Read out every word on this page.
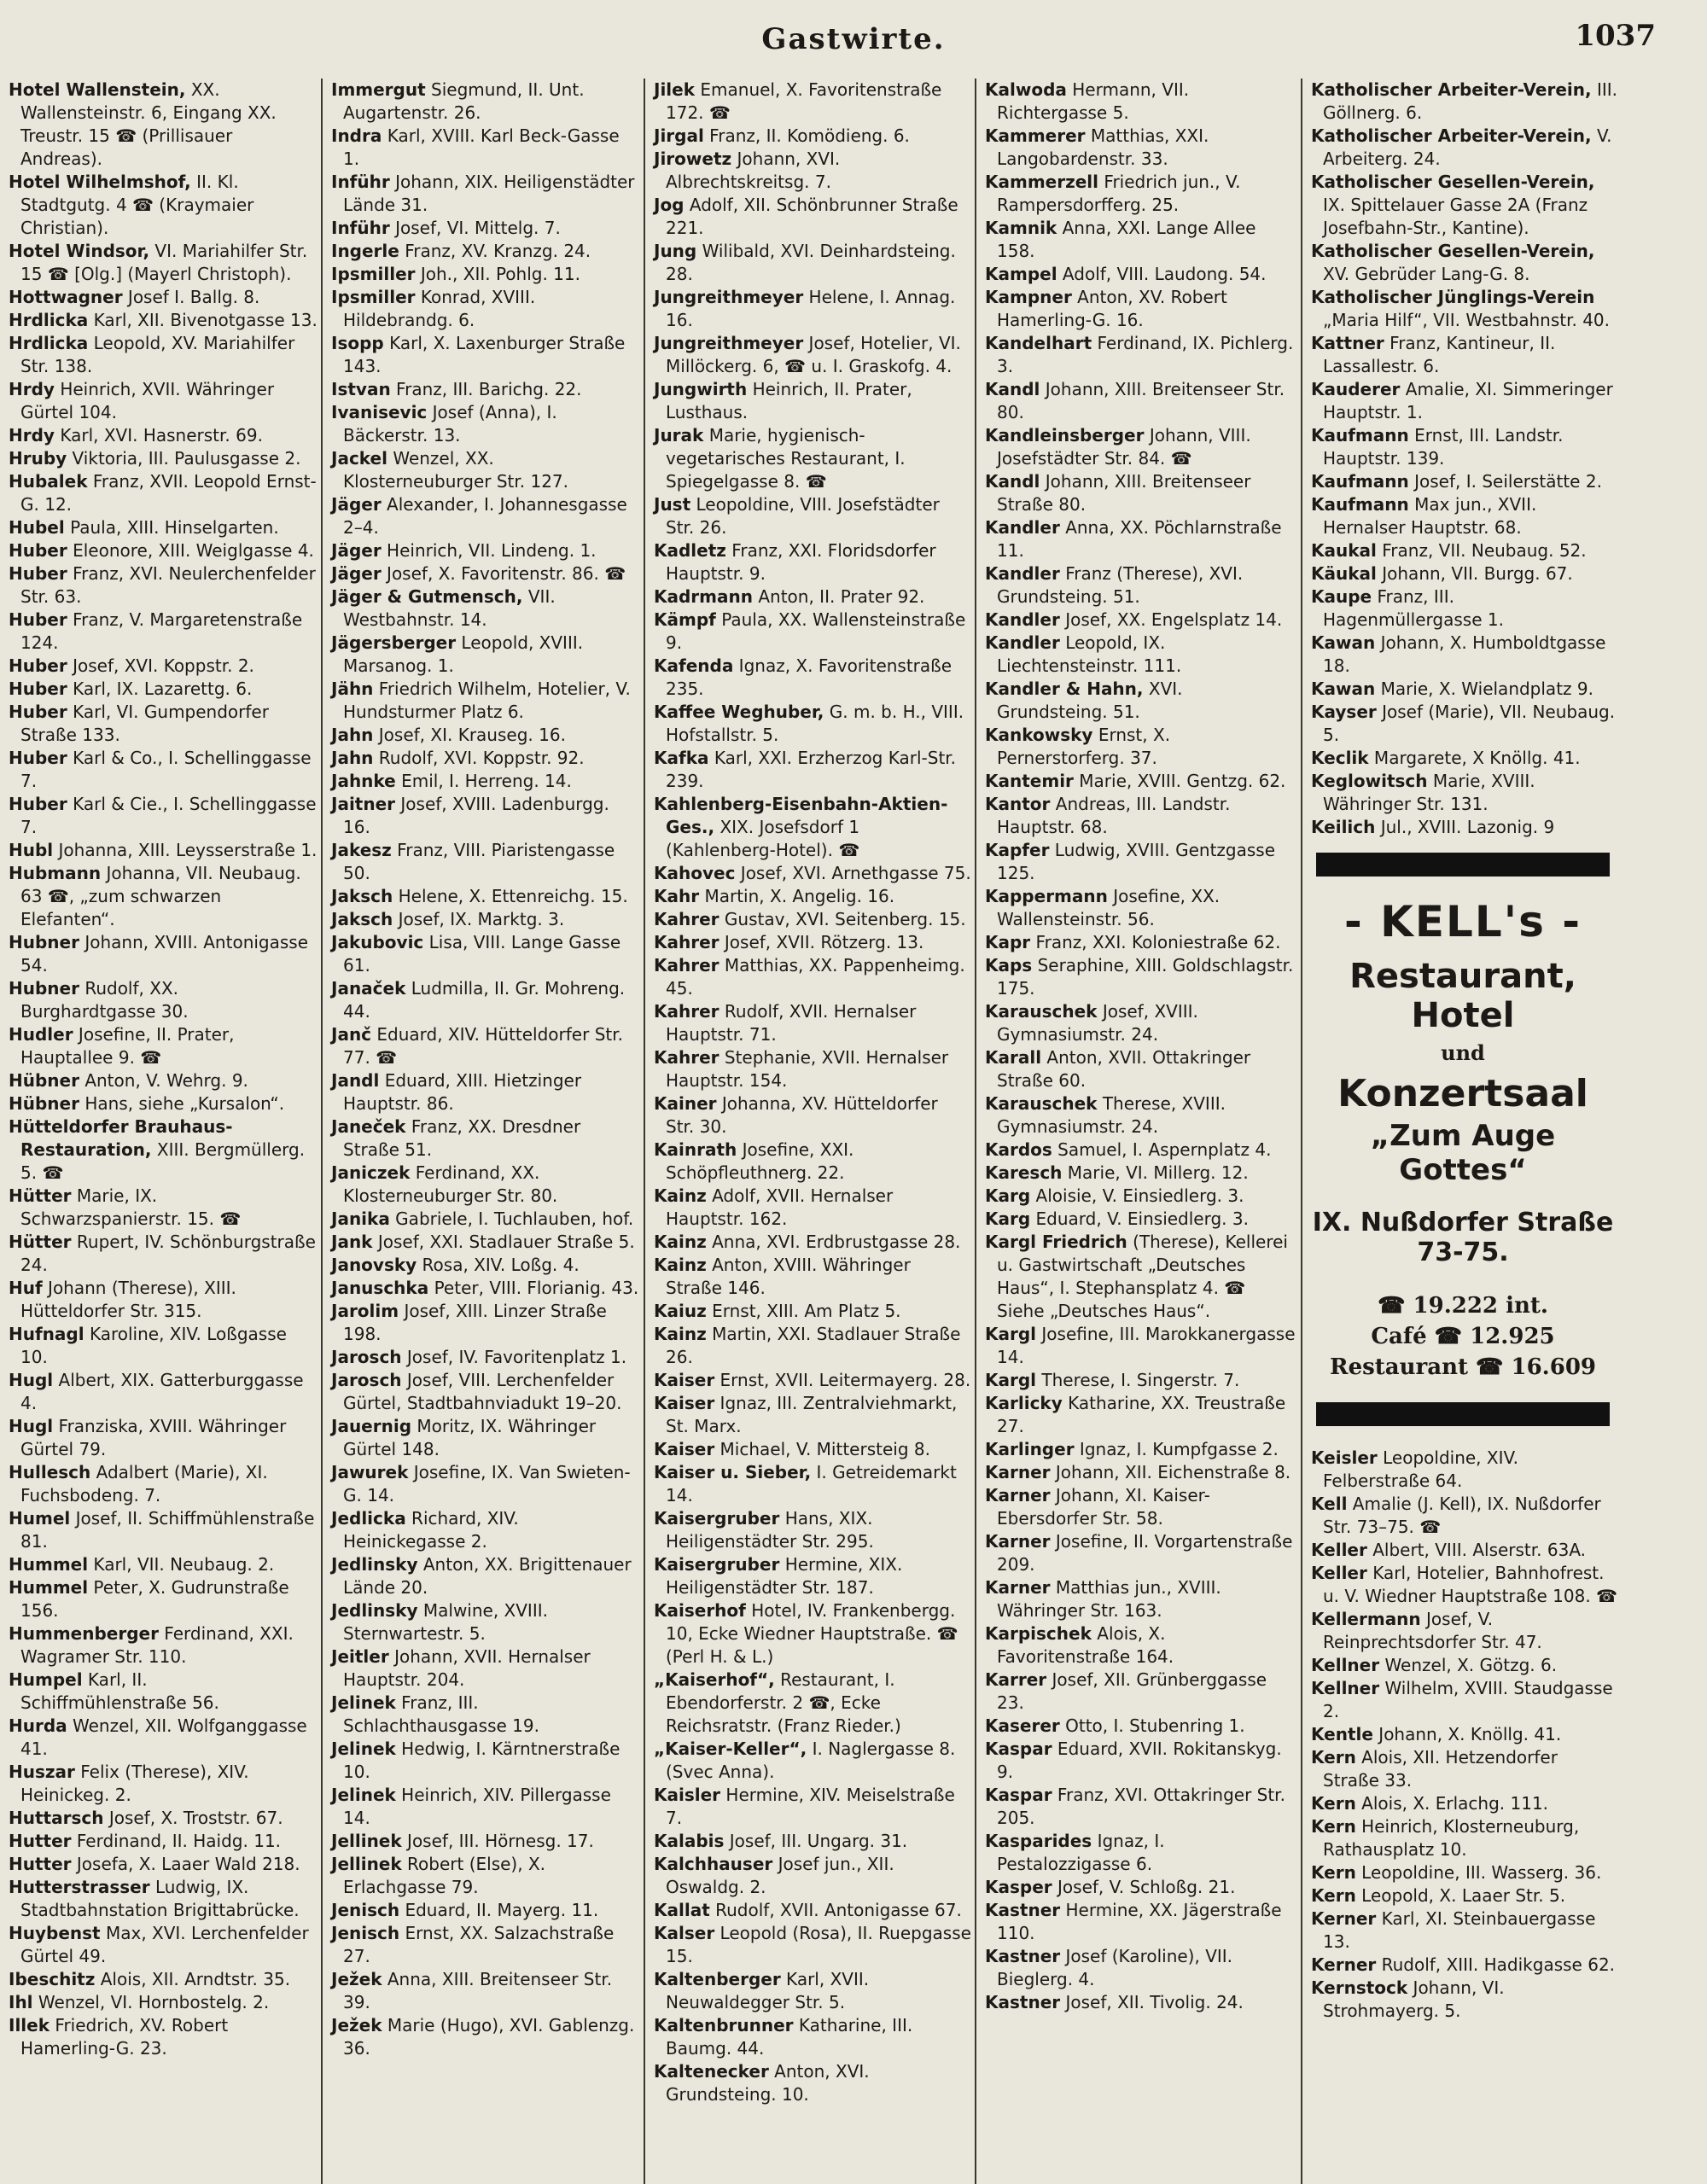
Gastwirte.	1037

Hotel Wallenstein, XX. Wallensteinstr. 6, Eingang XX. Treustr. 15 ☎ (Prillisauer Andreas).

Hotel Wilhelmshof, II. Kl. Stadtgutg. 4 ☎ (Kraymaier Christian).

Hotel Windsor, VI. Mariahilfer Str. 15 ☎ [Olg.] (Mayerl Christoph).

Hottwagner Josef I. Ballg. 8.

Hrdlicka Karl, XII. Bivenotgasse 13.

Hrdlicka Leopold, XV. Mariahilfer Str. 138.

Hrdy Heinrich, XVII. Währinger Gürtel 104.

Hrdy Karl, XVI. Hasnerstr. 69.

Hruby Viktoria, III. Paulusgasse 2.

Hubalek Franz, XVII. Leopold Ernst-G. 12.

Hubel Paula, XIII. Hinselgarten.

Huber Eleonore, XIII. Weiglgasse 4.

Huber Franz, XVI. Neulerchenfelder Str. 63.

Huber Franz, V. Margaretenstraße 124.

Huber Josef, XVI. Koppstr. 2.

Huber Karl, IX. Lazarettg. 6.

Huber Karl, VI. Gumpendorfer Straße 133.

Huber Karl & Co., I. Schellinggasse 7.

Huber Karl & Cie., I. Schellinggasse 7.

Hubl Johanna, XIII. Leysserstraße 1.

Hubmann Johanna, VII. Neubaug. 63 ☎, „zum schwarzen Elefanten“.

Hubner Johann, XVIII. Antonigasse 54.

Hubner Rudolf, XX. Burghardtgasse 30.

Hudler Josefine, II. Prater, Hauptallee 9. ☎

Hübner Anton, V. Wehrg. 9.

Hübner Hans, siehe „Kursalon“.

Hütteldorfer Brauhaus-Restauration, XIII. Bergmüllerg. 5. ☎

Hütter Marie, IX. Schwarzspanierstr. 15. ☎

Hütter Rupert, IV. Schönburgstraße 24.

Huf Johann (Therese), XIII. Hütteldorfer Str. 315.

Hufnagl Karoline, XIV. Loßgasse 10.

Hugl Albert, XIX. Gatterburggasse 4.

Hugl Franziska, XVIII. Währinger Gürtel 79.

Hullesch Adalbert (Marie), XI. Fuchsbodeng. 7.

Humel Josef, II. Schiffmühlenstraße 81.

Hummel Karl, VII. Neubaug. 2.

Hummel Peter, X. Gudrunstraße 156.

Hummenberger Ferdinand, XXI. Wagramer Str. 110.

Humpel Karl, II. Schiffmühlenstraße 56.

Hurda Wenzel, XII. Wolfganggasse 41.

Huszar Felix (Therese), XIV. Heinickeg. 2.

Huttarsch Josef, X. Troststr. 67.

Hutter Ferdinand, II. Haidg. 11.

Hutter Josefa, X. Laaer Wald 218.

Hutterstrasser Ludwig, IX. Stadtbahnstation Brigittabrücke.

Huybenst Max, XVI. Lerchenfelder Gürtel 49.

Ibeschitz Alois, XII. Arndtstr. 35.

Ihl Wenzel, VI. Hornbostelg. 2.

Illek Friedrich, XV. Robert Hamerling-G. 23.

Immergut Siegmund, II. Unt. Augartenstr. 26.

Indra Karl, XVIII. Karl Beck-Gasse 1.

Inführ Johann, XIX. Heiligenstädter Lände 31.

Inführ Josef, VI. Mittelg. 7.

Ingerle Franz, XV. Kranzg. 24.

Ipsmiller Joh., XII. Pohlg. 11.

Ipsmiller Konrad, XVIII. Hildebrandg. 6.

Isopp Karl, X. Laxenburger Straße 143.

Istvan Franz, III. Barichg. 22.

Ivanisevic Josef (Anna), I. Bäckerstr. 13.

Jackel Wenzel, XX. Klosterneuburger Str. 127.

Jäger Alexander, I. Johannesgasse 2–4.

Jäger Heinrich, VII. Lindeng. 1.

Jäger Josef, X. Favoritenstr. 86. ☎

Jäger & Gutmensch, VII. Westbahnstr. 14.

Jägersberger Leopold, XVIII. Marsanog. 1.

Jähn Friedrich Wilhelm, Hotelier, V. Hundsturmer Platz 6.

Jahn Josef, XI. Krauseg. 16.

Jahn Rudolf, XVI. Koppstr. 92.

Jahnke Emil, I. Herreng. 14.

Jaitner Josef, XVIII. Ladenburgg. 16.

Jakesz Franz, VIII. Piaristengasse 50.

Jaksch Helene, X. Ettenreichg. 15.

Jaksch Josef, IX. Marktg. 3.

Jakubovic Lisa, VIII. Lange Gasse 61.

Janaček Ludmilla, II. Gr. Mohreng. 44.

Janč Eduard, XIV. Hütteldorfer Str. 77. ☎

Jandl Eduard, XIII. Hietzinger Hauptstr. 86.

Janeček Franz, XX. Dresdner Straße 51.

Janiczek Ferdinand, XX. Klosterneuburger Str. 80.

Janika Gabriele, I. Tuchlauben, hof.

Jank Josef, XXI. Stadlauer Straße 5.

Janovsky Rosa, XIV. Loßg. 4.

Januschka Peter, VIII. Florianig. 43.

Jarolim Josef, XIII. Linzer Straße 198.

Jarosch Josef, IV. Favoritenplatz 1.

Jarosch Josef, VIII. Lerchenfelder Gürtel, Stadtbahnviadukt 19–20.

Jauernig Moritz, IX. Währinger Gürtel 148.

Jawurek Josefine, IX. Van Swieten-G. 14.

Jedlicka Richard, XIV. Heinickegasse 2.

Jedlinsky Anton, XX. Brigittenauer Lände 20.

Jedlinsky Malwine, XVIII. Sternwartestr. 5.

Jeitler Johann, XVII. Hernalser Hauptstr. 204.

Jelinek Franz, III. Schlachthausgasse 19.

Jelinek Hedwig, I. Kärntnerstraße 10.

Jelinek Heinrich, XIV. Pillergasse 14.

Jellinek Josef, III. Hörnesg. 17.

Jellinek Robert (Else), X. Erlachgasse 79.

Jenisch Eduard, II. Mayerg. 11.

Jenisch Ernst, XX. Salzachstraße 27.

Ježek Anna, XIII. Breitenseer Str. 39.

Ježek Marie (Hugo), XVI. Gablenzg. 36.

Jilek Emanuel, X. Favoritenstraße 172. ☎

Jirgal Franz, II. Komödieng. 6.

Jirowetz Johann, XVI. Albrechtskreitsg. 7.

Jog Adolf, XII. Schönbrunner Straße 221.

Jung Wilibald, XVI. Deinhardsteing. 28.

Jungreithmeyer Helene, I. Annag. 16.

Jungreithmeyer Josef, Hotelier, VI. Millöckerg. 6, ☎ u. I. Graskofg. 4.

Jungwirth Heinrich, II. Prater, Lusthaus.

Jurak Marie, hygienisch-vegetarisches Restaurant, I. Spiegelgasse 8. ☎

Just Leopoldine, VIII. Josefstädter Str. 26.

Kadletz Franz, XXI. Floridsdorfer Hauptstr. 9.

Kadrmann Anton, II. Prater 92.

Kämpf Paula, XX. Wallensteinstraße 9.

Kafenda Ignaz, X. Favoritenstraße 235.

Kaffee Weghuber, G. m. b. H., VIII. Hofstallstr. 5.

Kafka Karl, XXI. Erzherzog Karl-Str. 239.

Kahlenberg-Eisenbahn-Aktien-Ges., XIX. Josefsdorf 1 (Kahlenberg-Hotel). ☎

Kahovec Josef, XVI. Arnethgasse 75.

Kahr Martin, X. Angelig. 16.

Kahrer Gustav, XVI. Seitenberg. 15.

Kahrer Josef, XVII. Rötzerg. 13.

Kahrer Matthias, XX. Pappenheimg. 45.

Kahrer Rudolf, XVII. Hernalser Hauptstr. 71.

Kahrer Stephanie, XVII. Hernalser Hauptstr. 154.

Kainer Johanna, XV. Hütteldorfer Str. 30.

Kainrath Josefine, XXI. Schöpfleuthnerg. 22.

Kainz Adolf, XVII. Hernalser Hauptstr. 162.

Kainz Anna, XVI. Erdbrustgasse 28.

Kainz Anton, XVIII. Währinger Straße 146.

Kaiuz Ernst, XIII. Am Platz 5.

Kainz Martin, XXI. Stadlauer Straße 26.

Kaiser Ernst, XVII. Leitermayerg. 28.

Kaiser Ignaz, III. Zentralviehmarkt, St. Marx.

Kaiser Michael, V. Mittersteig 8.

Kaiser u. Sieber, I. Getreidemarkt 14.

Kaisergruber Hans, XIX. Heiligenstädter Str. 295.

Kaisergruber Hermine, XIX. Heiligenstädter Str. 187.

Kaiserhof Hotel, IV. Frankenbergg. 10, Ecke Wiedner Hauptstraße. ☎ (Perl H. & L.)

„Kaiserhof“, Restaurant, I. Ebendorferstr. 2 ☎, Ecke Reichsratstr. (Franz Rieder.)

„Kaiser-Keller“, I. Naglergasse 8. (Svec Anna).

Kaisler Hermine, XIV. Meiselstraße 7.

Kalabis Josef, III. Ungarg. 31.

Kalchhauser Josef jun., XII. Oswaldg. 2.

Kallat Rudolf, XVII. Antonigasse 67.

Kalser Leopold (Rosa), II. Ruepgasse 15.

Kaltenberger Karl, XVII. Neuwaldegger Str. 5.

Kaltenbrunner Katharine, III. Baumg. 44.

Kaltenecker Anton, XVI. Grundsteing. 10.

Kalwoda Hermann, VII. Richtergasse 5.

Kammerer Matthias, XXI. Langobardenstr. 33.

Kammerzell Friedrich jun., V. Rampersdorfferg. 25.

Kamnik Anna, XXI. Lange Allee 158.

Kampel Adolf, VIII. Laudong. 54.

Kampner Anton, XV. Robert Hamerling-G. 16.

Kandelhart Ferdinand, IX. Pichlerg. 3.

Kandl Johann, XIII. Breitenseer Str. 80.

Kandleinsberger Johann, VIII. Josefstädter Str. 84. ☎

Kandl Johann, XIII. Breitenseer Straße 80.

Kandler Anna, XX. Pöchlarnstraße 11.

Kandler Franz (Therese), XVI. Grundsteing. 51.

Kandler Josef, XX. Engelsplatz 14.

Kandler Leopold, IX. Liechtensteinstr. 111.

Kandler & Hahn, XVI. Grundsteing. 51.

Kankowsky Ernst, X. Pernerstorferg. 37.

Kantemir Marie, XVIII. Gentzg. 62.

Kantor Andreas, III. Landstr. Hauptstr. 68.

Kapfer Ludwig, XVIII. Gentzgasse 125.

Kappermann Josefine, XX. Wallensteinstr. 56.

Kapr Franz, XXI. Koloniestraße 62.

Kaps Seraphine, XIII. Goldschlagstr. 175.

Karauschek Josef, XVIII. Gymnasiumstr. 24.

Karall Anton, XVII. Ottakringer Straße 60.

Karauschek Therese, XVIII. Gymnasiumstr. 24.

Kardos Samuel, I. Aspernplatz 4.

Karesch Marie, VI. Millerg. 12.

Karg Aloisie, V. Einsiedlerg. 3.

Karg Eduard, V. Einsiedlerg. 3.

Kargl Friedrich (Therese), Kellerei u. Gastwirtschaft „Deutsches Haus“, I. Stephansplatz 4. ☎ Siehe „Deutsches Haus“.

Kargl Josefine, III. Marokkanergasse 14.

Kargl Therese, I. Singerstr. 7.

Karlicky Katharine, XX. Treustraße 27.

Karlinger Ignaz, I. Kumpfgasse 2.

Karner Johann, XII. Eichenstraße 8.

Karner Johann, XI. Kaiser-Ebersdorfer Str. 58.

Karner Josefine, II. Vorgartenstraße 209.

Karner Matthias jun., XVIII. Währinger Str. 163.

Karpischek Alois, X. Favoritenstraße 164.

Karrer Josef, XII. Grünberggasse 23.

Kaserer Otto, I. Stubenring 1.

Kaspar Eduard, XVII. Rokitanskyg. 9.

Kaspar Franz, XVI. Ottakringer Str. 205.

Kasparides Ignaz, I. Pestalozzigasse 6.

Kasper Josef, V. Schloßg. 21.

Kastner Hermine, XX. Jägerstraße 110.

Kastner Josef (Karoline), VII. Bieglerg. 4.

Kastner Josef, XII. Tivolig. 24.

Katholischer Arbeiter-Verein, III. Göllnerg. 6.

Katholischer Arbeiter-Verein, V. Arbeiterg. 24.

Katholischer Gesellen-Verein, IX. Spittelauer Gasse 2A (Franz Josefbahn-Str., Kantine).

Katholischer Gesellen-Verein, XV. Gebrüder Lang-G. 8.

Katholischer Jünglings-Verein „Maria Hilf“, VII. Westbahnstr. 40.

Kattner Franz, Kantineur, II. Lassallestr. 6.

Kauderer Amalie, XI. Simmeringer Hauptstr. 1.

Kaufmann Ernst, III. Landstr. Hauptstr. 139.

Kaufmann Josef, I. Seilerstätte 2.

Kaufmann Max jun., XVII. Hernalser Hauptstr. 68.

Kaukal Franz, VII. Neubaug. 52.

Käukal Johann, VII. Burgg. 67.

Kaupe Franz, III. Hagenmüllergasse 1.

Kawan Johann, X. Humboldtgasse 18.

Kawan Marie, X. Wielandplatz 9.

Kayser Josef (Marie), VII. Neubaug. 5.

Keclik Margarete, X Knöllg. 41.

Keglowitsch Marie, XVIII. Währinger Str. 131.

Keilich Jul., XVIII. Lazonig. 9

- KELL's -
Restaurant, Hotel
und
Konzertsaal
„Zum Auge Gottes“
IX. Nußdorfer Straße 73-75.
☎ 19.222 int.
Café ☎ 12.925
Restaurant ☎ 16.609

Keisler Leopoldine, XIV. Felberstraße 64.

Kell Amalie (J. Kell), IX. Nußdorfer Str. 73–75. ☎

Keller Albert, VIII. Alserstr. 63A.

Keller Karl, Hotelier, Bahnhofrest. u. V. Wiedner Hauptstraße 108. ☎

Kellermann Josef, V. Reinprechtsdorfer Str. 47.

Kellner Wenzel, X. Götzg. 6.

Kellner Wilhelm, XVIII. Staudgasse 2.

Kentle Johann, X. Knöllg. 41.

Kern Alois, XII. Hetzendorfer Straße 33.

Kern Alois, X. Erlachg. 111.

Kern Heinrich, Klosterneuburg, Rathausplatz 10.

Kern Leopoldine, III. Wasserg. 36.

Kern Leopold, X. Laaer Str. 5.

Kerner Karl, XI. Steinbauergasse 13.

Kerner Rudolf, XIII. Hadikgasse 62.

Kernstock Johann, VI. Strohmayerg. 5.
